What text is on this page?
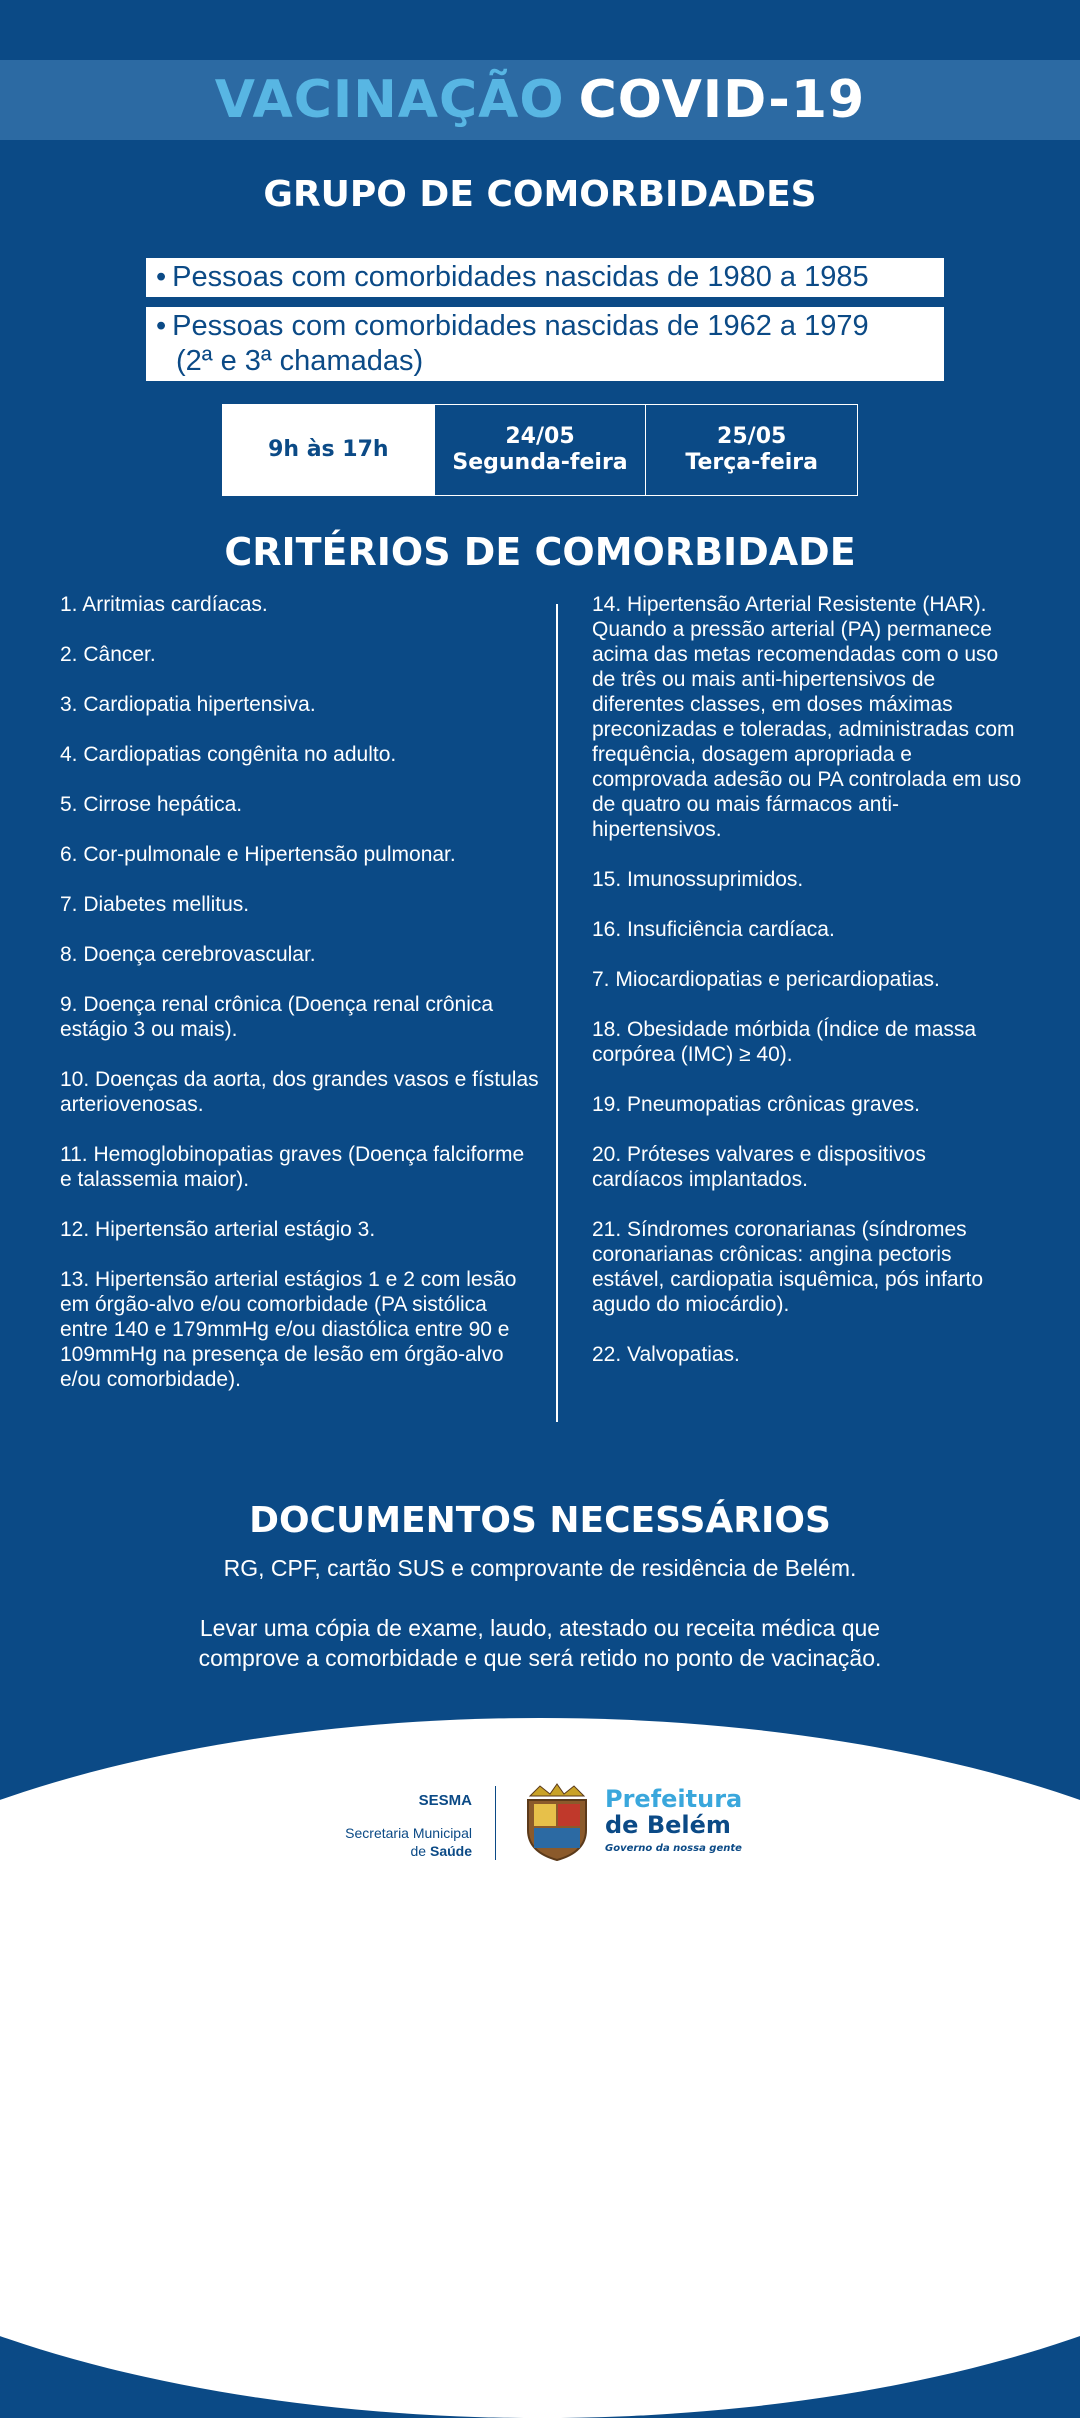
VACINAÇÃO COVID-19
GRUPO DE COMORBIDADES
• Pessoas com comorbidades nascidas de 1980 a 1985
• Pessoas com comorbidades nascidas de 1962 a 1979
(2ª e 3ª chamadas)
9h às 17h
24/05
Segunda-feira
25/05
Terça-feira
CRITÉRIOS DE COMORBIDADE

1. Arritmias cardíacas.

2. Câncer.

3. Cardiopatia hipertensiva.

4. Cardiopatias congênita no adulto.

5. Cirrose hepática.

6. Cor-pulmonale e Hipertensão pulmonar.

7. Diabetes mellitus.

8. Doença cerebrovascular.

9. Doença renal crônica (Doença renal crônica estágio 3 ou mais).

10. Doenças da aorta, dos grandes vasos e fístulas arteriovenosas.

11. Hemoglobinopatias graves (Doença falciforme e talassemia maior).

12. Hipertensão arterial estágio 3.

13. Hipertensão arterial estágios 1 e 2 com lesão em órgão-alvo e/ou comorbidade (PA sistólica entre 140 e 179mmHg e/ou diastólica entre 90 e 109mmHg na presença de lesão em órgão-alvo e/ou comorbidade).

14. Hipertensão Arterial Resistente (HAR). Quando a pressão arterial (PA) permanece acima das metas recomendadas com o uso de três ou mais anti-hipertensivos de diferentes classes, em doses máximas preconizadas e toleradas, administradas com frequência, dosagem apropriada e comprovada adesão ou PA controlada em uso de quatro ou mais fármacos anti-hipertensivos.

15. Imunossuprimidos.

16. Insuficiência cardíaca.

7. Miocardiopatias e pericardiopatias.

18. Obesidade mórbida (Índice de massa corpórea (IMC) ≥ 40).

19. Pneumopatias crônicas graves.

20. Próteses valvares e dispositivos cardíacos implantados.

21. Síndromes coronarianas (síndromes coronarianas crônicas: angina pectoris estável, cardiopatia isquêmica, pós infarto agudo do miocárdio).

22. Valvopatias.

DOCUMENTOS NECESSÁRIOS
RG, CPF, cartão SUS e comprovante de residência de Belém.
Levar uma cópia de exame, laudo, atestado ou receita médica que
comprove a comorbidade e que será retido no ponto de vacinação.
SESMA
Secretaria Municipal
de Saúde
Prefeitura
de Belém
Governo da nossa gente
